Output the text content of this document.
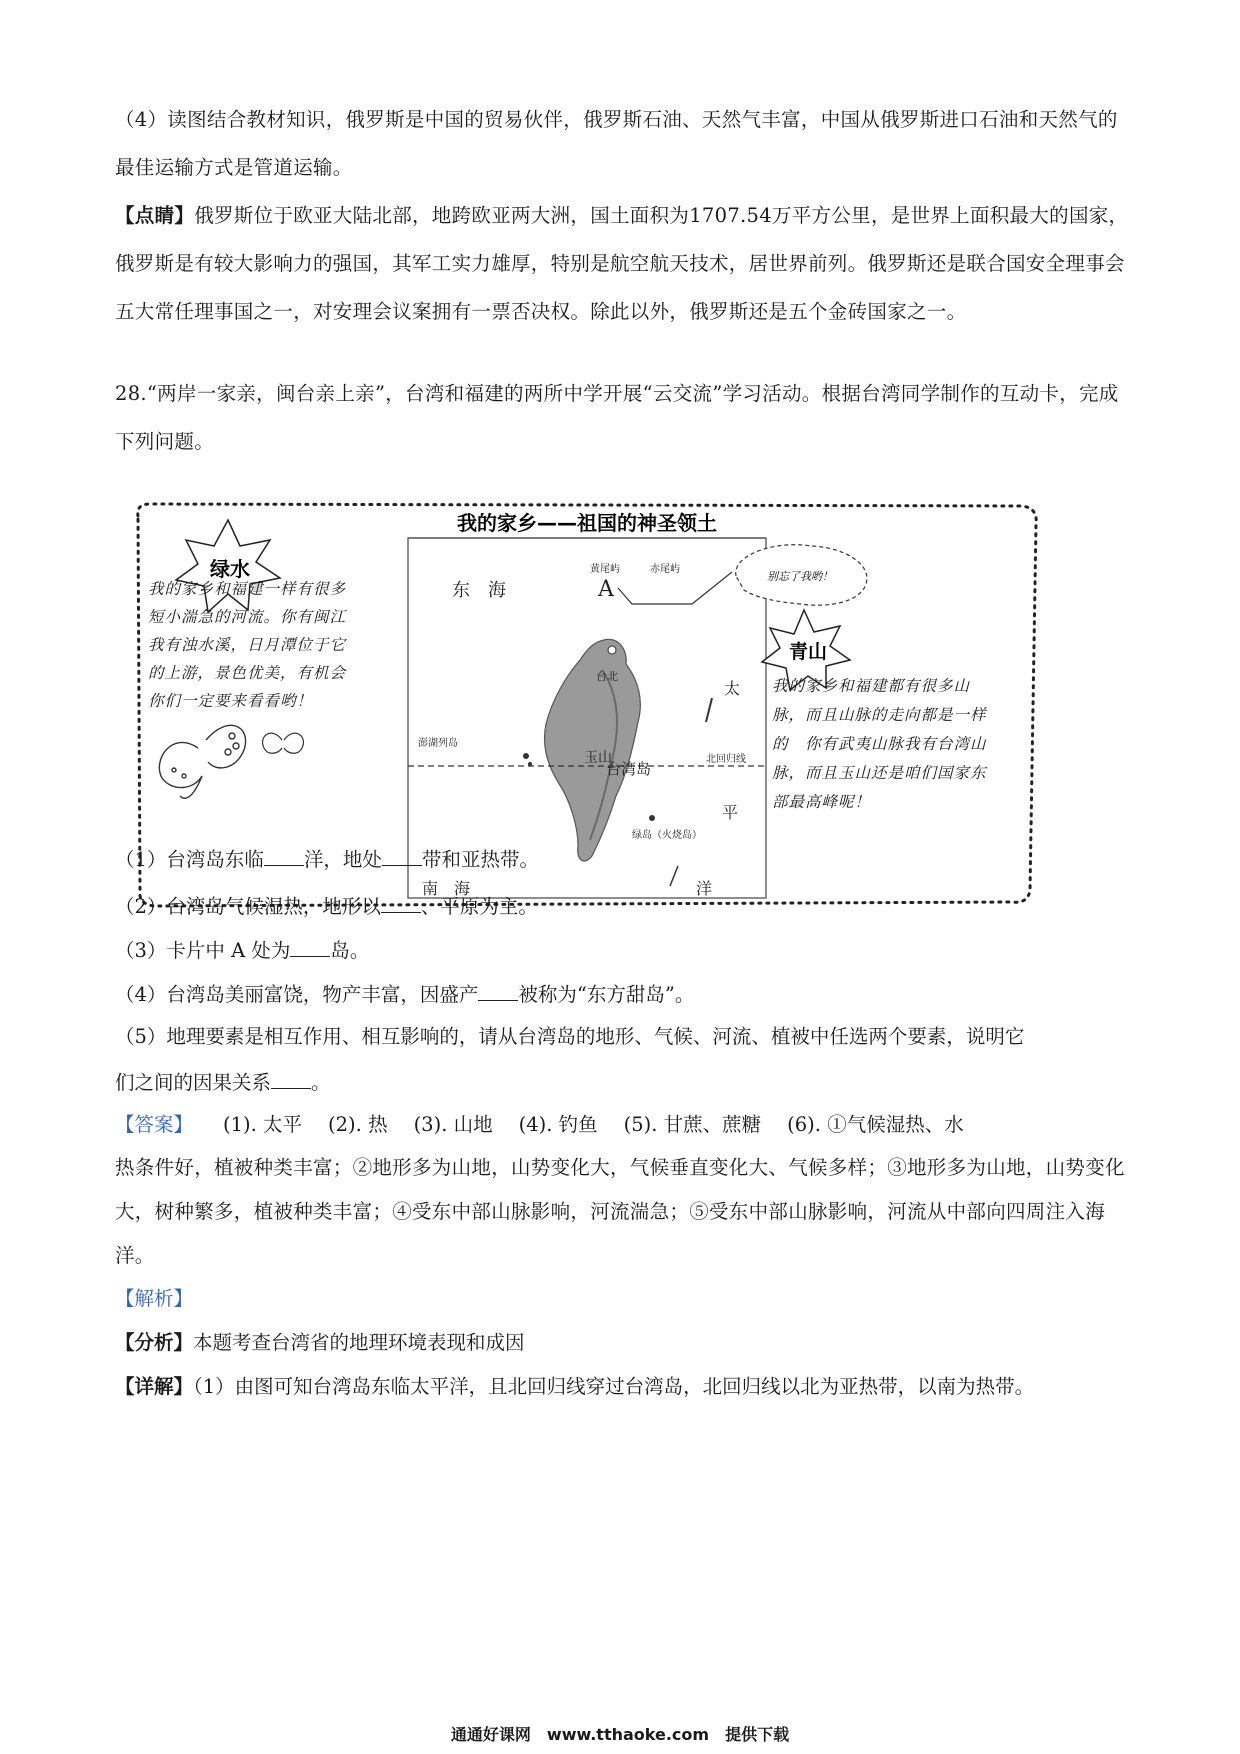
（4）读图结合教材知识，俄罗斯是中国的贸易伙伴，俄罗斯石油、天然气丰富，中国从俄罗斯进口石油和天然气的最佳运输方式是管道运输。
【点睛】俄罗斯位于欧亚大陆北部，地跨欧亚两大洲，国土面积为1707.54万平方公里，是世界上面积最大的国家，俄罗斯是有较大影响力的强国，其军工实力雄厚，特别是航空航天技术，居世界前列。俄罗斯还是联合国安全理事会五大常任理事国之一，对安理会议案拥有一票否决权。除此以外，俄罗斯还是五个金砖国家之一。
28.“两岸一家亲，闽台亲上亲”，台湾和福建的两所中学开展“云交流”学习活动。根据台湾同学制作的互动卡，完成下列问题。
我的家乡——祖国的神圣领土
东　海
黄尾屿	赤尾屿
A
台北
澎湖列岛
玉山
台湾岛
北回归线
绿岛（火烧岛）
南　海
太
平
洋
别忘了我哟！
绿水
青山
我的家乡和福建一样有很多短小湍急的河流。你有闽江我有浊水溪，日月潭位于它的上游，景色优美，有机会你们一定要来看看哟！
我的家乡和福建都有很多山脉，而且山脉的走向都是一样的　你有武夷山脉我有台湾山脉，而且玉山还是咱们国家东部最高峰呢！
（1）台湾岛东临 洋，地处 带和亚热带。
（2）台湾岛气候湿热，地形以 、平原为主。
（3）卡片中 A 处为 岛。
（4）台湾岛美丽富饶，物产丰富，因盛产 被称为“东方甜岛”。
（5）地理要素是相互作用、相互影响的，请从台湾岛的地形、气候、河流、植被中任选两个要素，说明它
们之间的因果关系 。
【答案】 (1). 太平 (2). 热 (3). 山地 (4). 钓鱼 (5). 甘蔗、蔗糖 (6). ①气候湿热、水
热条件好，植被种类丰富；②地形多为山地，山势变化大，气候垂直变化大、气候多样；③地形多为山地，山势变化大，树种繁多，植被种类丰富；④受东中部山脉影响，河流湍急；⑤受东中部山脉影响，河流从中部向四周注入海洋。
【解析】
【分析】本题考查台湾省的地理环境表现和成因
【详解】（1）由图可知台湾岛东临太平洋，且北回归线穿过台湾岛，北回归线以北为亚热带，以南为热带。
通通好课网　www.tthaoke.com　提供下载
